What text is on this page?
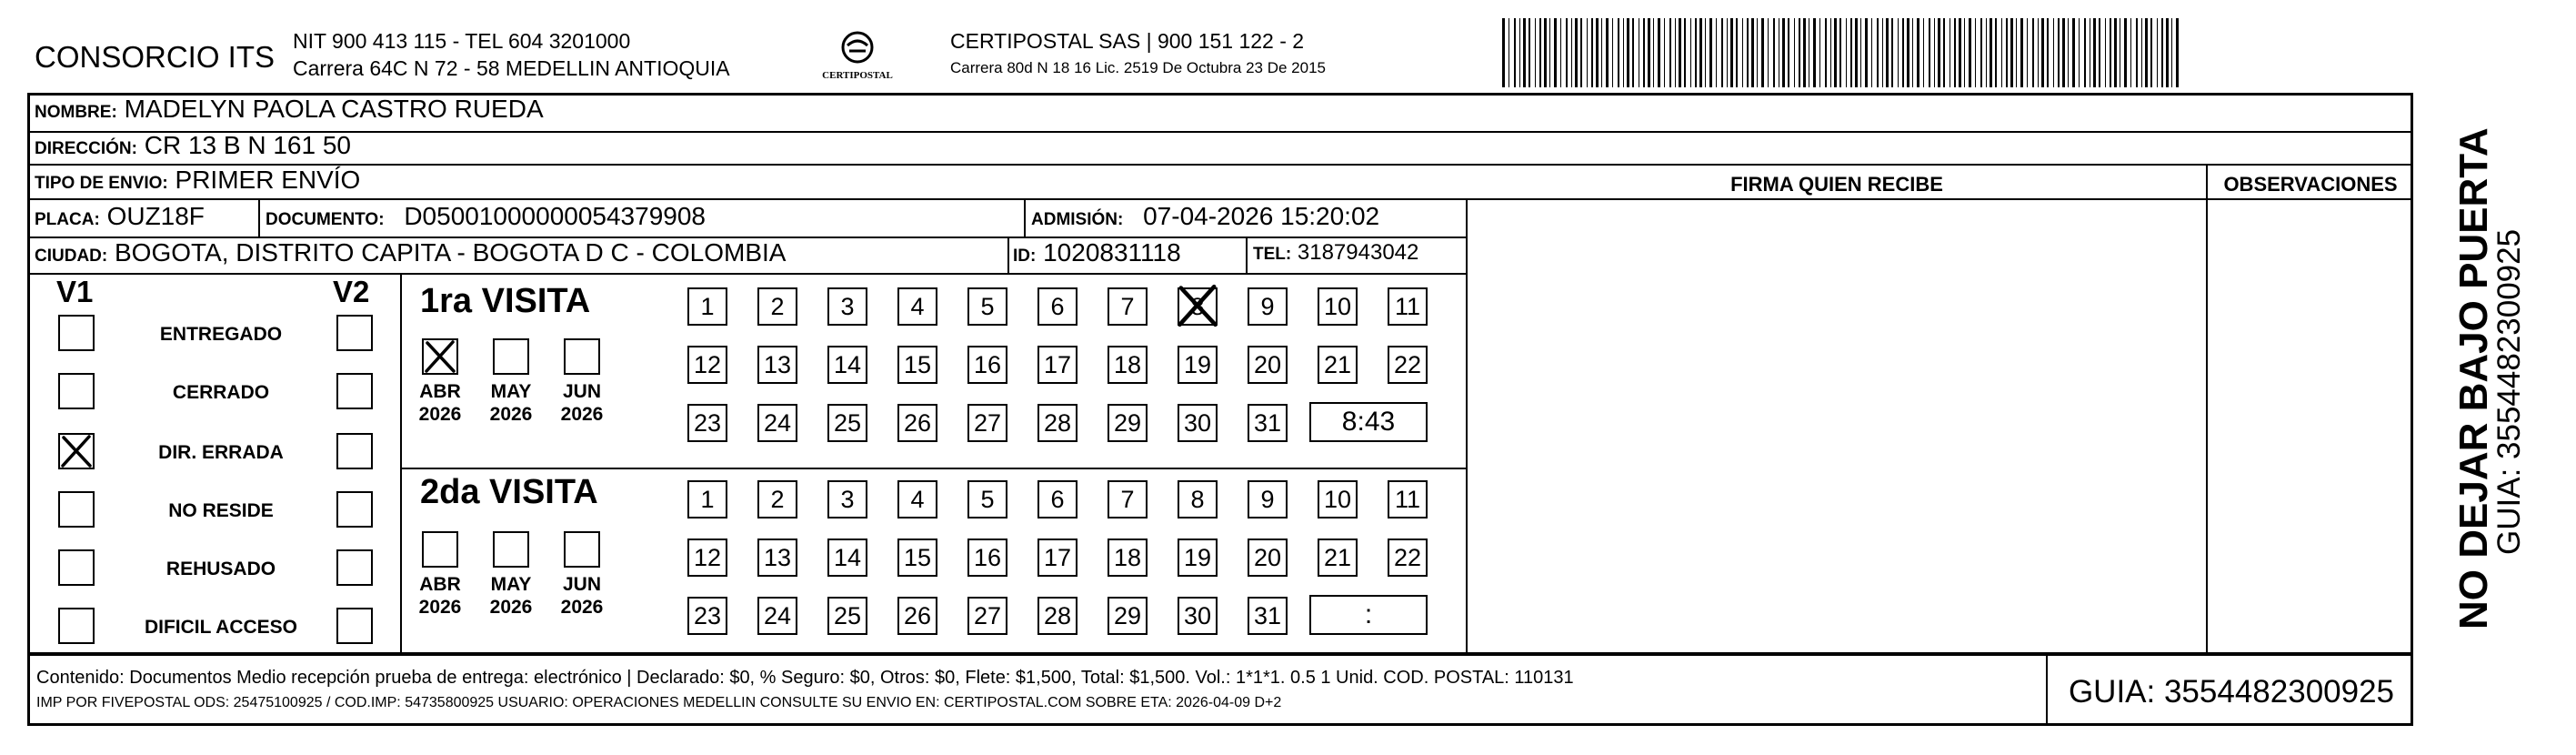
CONSORCIO ITS NIT 900 413 115 - TEL 604 3201000
Carrera 64C N 72 - 58 MEDELLIN ANTIOQUIA	CERTIPOSTAL
CERTIPOSTAL SAS | 900 151 122 - 2
Carrera 80d N 18 16 Lic. 2519 De Octubra 23 De 2015
NOMBRE: MADELYN PAOLA CASTRO RUEDA
DIRECCIÓN: CR 13 B N 161 50
TIPO DE ENVIO: PRIMER ENVÍO	FIRMA QUIEN RECIBE	OBSERVACIONES
PLACA: OUZ18F	DOCUMENTO: D05001000000054379908	ADMISIÓN: 07-04-2026 15:20:02
CIUDAD: BOGOTA, DISTRITO CAPITA - BOGOTA D C - COLOMBIA	ID: 1020831118	TEL: 3187943042
V1	V2
ENTREGADO
CERRADO
DIR. ERRADA
NO RESIDE
REHUSADO
DIFICIL ACCESO
1ra VISITA
ABR
2026
MAY
2026
JUN
2026
1	2	3	4	5	6	7	8	9	10 11
12 13 14 15 16 17 18 19 20 21 22
23 24 25 26 27 28 29 30 31	8:43
2da VISITA
ABR
2026
MAY
2026
JUN
2026
1	2	3	4	5	6	7	8	9	10 11
12 13 14 15 16 17 18 19 20 21 22
23 24 25 26 27 28 29 30 31	:
Contenido: Documentos Medio recepción prueba de entrega: electrónico | Declarado: $0, % Seguro: $0, Otros: $0, Flete: $1,500, Total: $1,500. Vol.: 1*1*1. 0.5 1 Unid. COD. POSTAL: 110131
IMP POR FIVEPOSTAL ODS: 25475100925 / COD.IMP: 54735800925 USUARIO: OPERACIONES MEDELLIN CONSULTE SU ENVIO EN: CERTIPOSTAL.COM SOBRE ETA: 2026-04-09 D+2	GUIA: 3554482300925
NO DEJAR BAJO PUERTA
GUIA: 3554482300925
